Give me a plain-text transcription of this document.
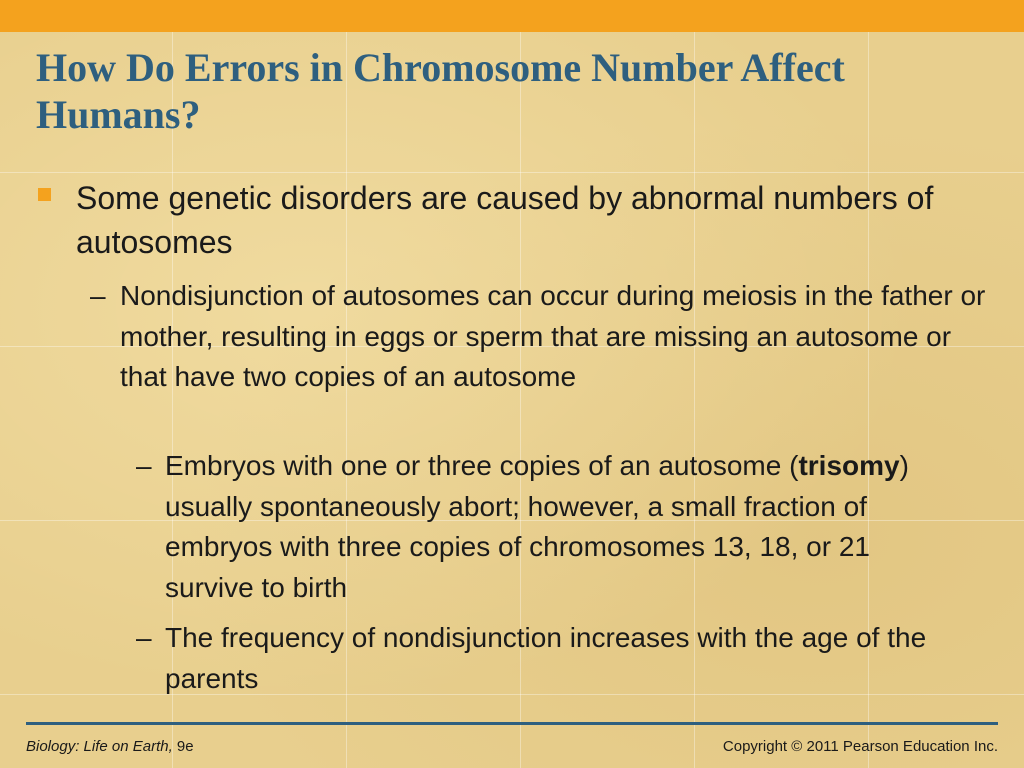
How Do Errors in Chromosome Number Affect Humans?
Some genetic disorders are caused by abnormal numbers of autosomes
– Nondisjunction of autosomes can occur during meiosis in the father or mother, resulting in eggs or sperm that are missing an autosome or that have two copies of an autosome
– Embryos with one or three copies of an autosome (trisomy) usually spontaneously abort; however, a small fraction of embryos with three copies of chromosomes 13, 18, or 21 survive to birth
– The frequency of nondisjunction increases with the age of the parents
Biology: Life on Earth, 9e	Copyright © 2011 Pearson Education Inc.
